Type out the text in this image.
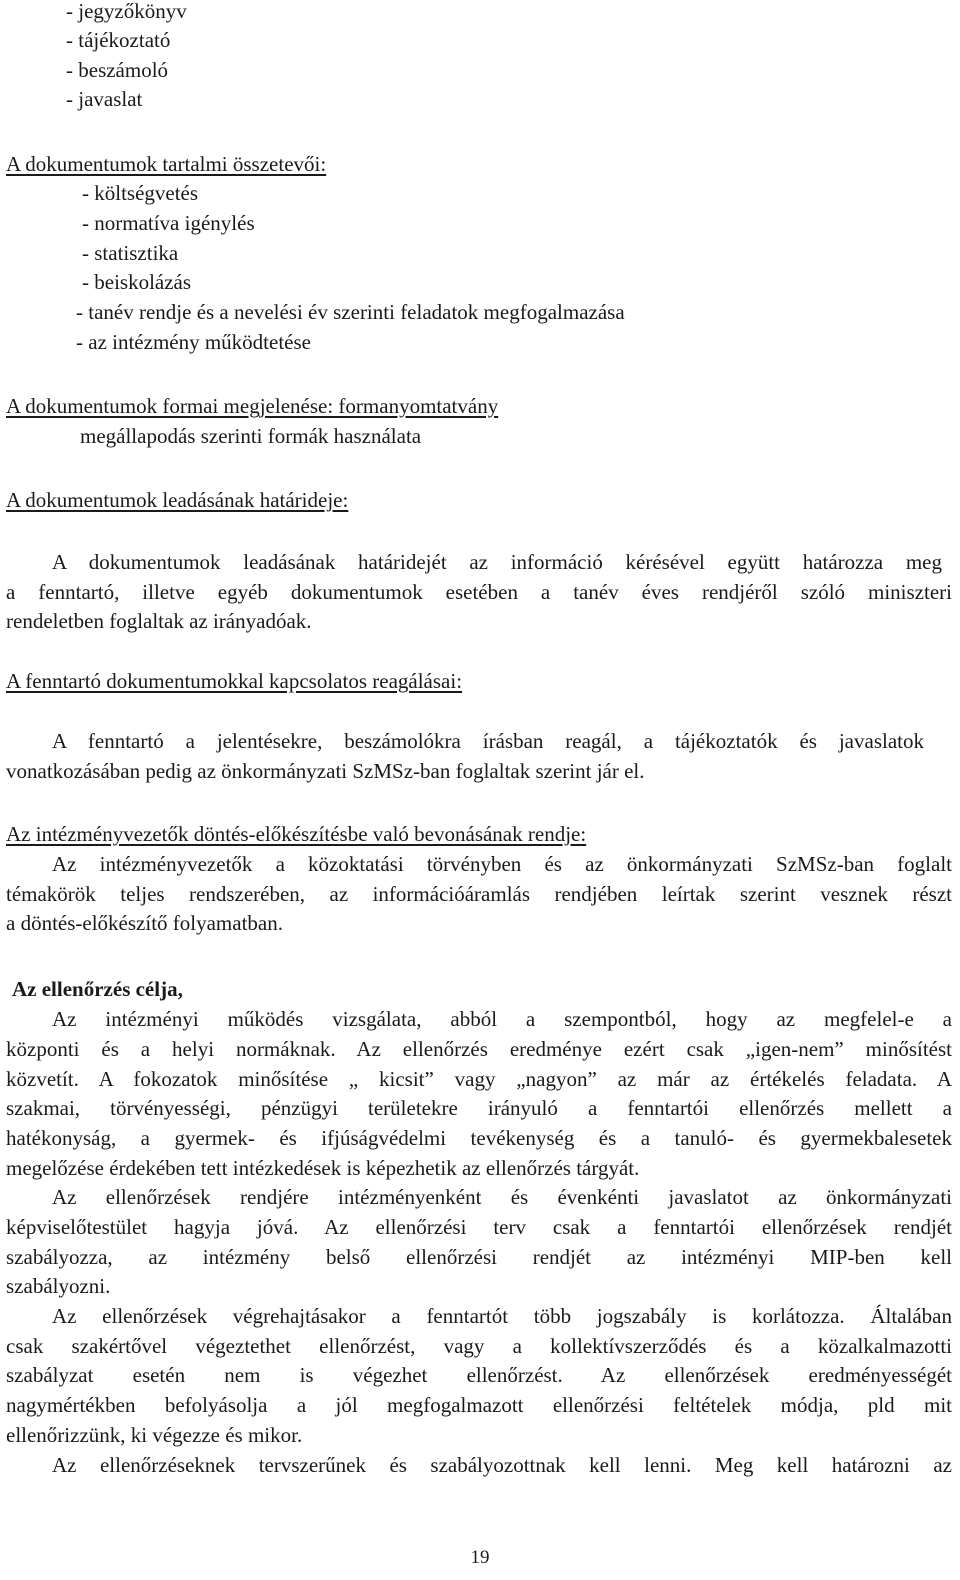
- jegyzőkönyv
- tájékoztató
- beszámoló
- javaslat
A dokumentumok tartalmi összetevői:
- költségvetés
- normatíva igénylés
- statisztika
- beiskolázás
- tanév rendje és a nevelési év szerinti feladatok megfogalmazása
- az intézmény működtetése
A dokumentumok formai megjelenése: formanyomtatvány
megállapodás szerinti formák használata
A dokumentumok leadásának határideje:
A dokumentumok leadásának határidejét az információ kérésével együtt határozza meg
a fenntartó, illetve egyéb dokumentumok esetében a tanév éves rendjéről szóló miniszteri
rendeletben foglaltak az irányadóak.
A fenntartó dokumentumokkal kapcsolatos reagálásai:
A fenntartó a jelentésekre, beszámolókra írásban reagál, a tájékoztatók és javaslatok
vonatkozásában pedig az önkormányzati SzMSz-ban foglaltak szerint jár el.
Az intézményvezetők döntés-előkészítésbe való bevonásának rendje:
Az intézményvezetők a közoktatási törvényben és az önkormányzati SzMSz-ban foglalt
témakörök teljes rendszerében, az információáramlás rendjében leírtak szerint vesznek részt
a döntés-előkészítő folyamatban.
Az ellenőrzés célja,
Az intézményi működés vizsgálata, abból a szempontból, hogy az megfelel-e a
központi és a helyi normáknak. Az ellenőrzés eredménye ezért csak „igen-nem” minősítést
közvetít. A fokozatok minősítése „ kicsit” vagy „nagyon” az már az értékelés feladata. A
szakmai, törvényességi, pénzügyi területekre irányuló a fenntartói ellenőrzés mellett a
hatékonyság, a gyermek- és ifjúságvédelmi tevékenység és a tanuló- és gyermekbalesetek
megelőzése érdekében tett intézkedések is képezhetik az ellenőrzés tárgyát.
Az ellenőrzések rendjére intézményenként és évenkénti javaslatot az önkormányzati
képviselőtestület hagyja jóvá. Az ellenőrzési terv csak a fenntartói ellenőrzések rendjét
szabályozza, az intézmény belső ellenőrzési rendjét az intézményi MIP-ben kell
szabályozni.
Az ellenőrzések végrehajtásakor a fenntartót több jogszabály is korlátozza. Általában
csak szakértővel végeztethet ellenőrzést, vagy a kollektívszerződés és a közalkalmazotti
szabályzat esetén nem is végezhet ellenőrzést. Az ellenőrzések eredményességét
nagymértékben befolyásolja a jól megfogalmazott ellenőrzési feltételek módja, pld mit
ellenőrizzünk, ki végezze és mikor.
Az ellenőrzéseknek tervszerűnek és szabályozottnak kell lenni. Meg kell határozni az
19
